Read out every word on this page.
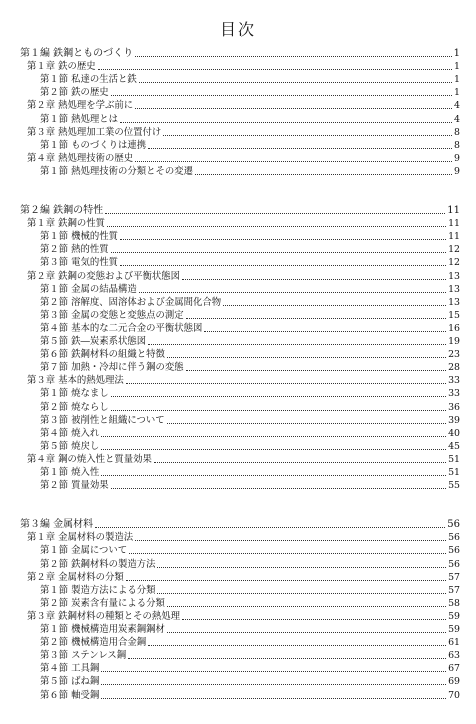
目次
第１編 鉄鋼とものづくり	1
第１章 鉄の歴史	1
第１節 私達の生活と鉄	1
第２節 鉄の歴史	1
第２章 熱処理を学ぶ前に	4
第１節 熱処理とは	4
第３章 熱処理加工業の位置付け	8
第１節 ものづくりは連携	8
第４章 熱処理技術の歴史	9
第１節 熱処理技術の分類とその変遷	9
第２編 鉄鋼の特性	11
第１章 鉄鋼の性質	11
第１節 機械的性質	11
第２節 熱的性質	12
第３節 電気的性質	12
第２章 鉄鋼の変態および平衡状態図	13
第１節 金属の結晶構造	13
第２節 溶解度、固溶体および金属間化合物	13
第３節 金属の変態と変態点の測定	15
第４節 基本的な二元合金の平衡状態図	16
第５節 鉄―炭素系状態図	19
第６節 鉄鋼材料の組織と特徴	23
第７節 加熱・冷却に伴う鋼の変態	28
第３章 基本的熱処理法	33
第１節 焼なまし	33
第２節 焼ならし	36
第３節 被削性と組織について	39
第４節 焼入れ	40
第５節 焼戻し	45
第４章 鋼の焼入性と質量効果	51
第１節 焼入性	51
第２節 質量効果	55
第３編 金属材料	56
第１章 金属材料の製造法	56
第１節 金属について	56
第２節 鉄鋼材料の製造方法	56
第２章 金属材料の分類	57
第１節 製造方法による分類	57
第２節 炭素含有量による分類	58
第３章 鉄鋼材料の種類とその熱処理	59
第１節 機械構造用炭素鋼鋼材	59
第２節 機械構造用合金鋼	61
第３節 ステンレス鋼	63
第４節 工具鋼	67
第５節 ばね鋼	69
第６節 軸受鋼	70
